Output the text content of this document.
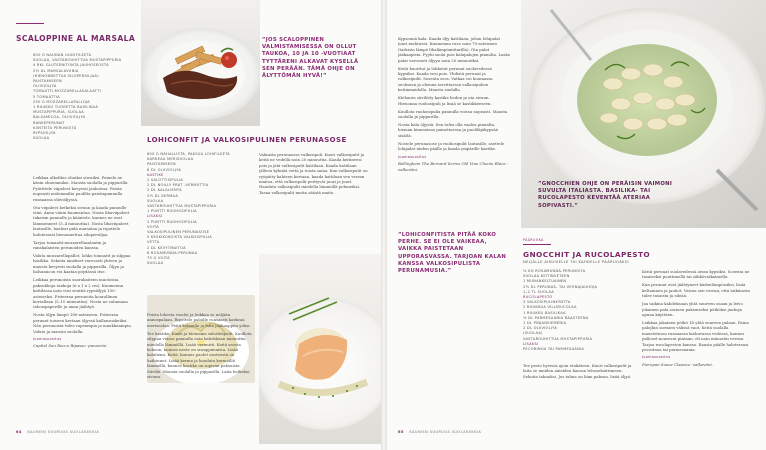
SCALOPPINE AL MARSALA
600 G NAUDAN ULKOFILEETÄ
SUOLAA, VASTAROUHITTUA MUSTAPIPPURIA
4 RKL GLUTEENITONTA JAUHOSEOSTA
2½ DL MARSALAVIINIÄ
(HIENONNETTUA SILOPERSILJAA)
PAISTAMISEEN
OLIIVIÖLJYÄ
TOMAATTI-MOZZARELLASALAATTI
5 TOMAATTIA
250 G MOZZARELLAPALLOJA
1 RUUKKU TUORETTA BASILIKAA
MUSTAPIPPURIA, SUOLAA
BALSAMICOA, OLIIVIÖLJYÄ
RANKEPERUNAT
KIINTEITÄ PERUNOITA
RYPSIÖLJYÄ
SUOLAA

Leikkaa ulkofilee ohuiksi siivuiksi. Painele ne käsin ohuemmiksi. Mausta suolalla ja pippurilla. Pyörittele viipaleet kevyesti jauhoissa. Paista nopeasti molemmilta puolilta paistinpannulla runsaassa oliiviöljyssä.

Ota viipaleet hetkeksi sivuun ja kaada pannulle viini. Anna viinin kuumentua. Nosta lihaviipaleet takaisin pannulle ja kääntele, kunnes ne ovat lämmenneet (3–4 minuuttia). Nosta lihaviipaleet lautasille, haaleat pidä marsalaa ja ripottele halutessasi hienonnettua silopersiljaa.

Tarjoa tomaatti-mozzarellasalaatin ja ranskalaisten perunoiden kanssa.

Valuta mozzarellapallot, lohko tomaatit ja silppaa basilika. Sekoita ainekset varovasti yhteen ja mausta kevyesti suolalla ja pippurilla. Öljyn ja balsamicon voi kaataa pöydässä itse.

Leikkaa perunoista suorakaiteen muotoisia, paksuhkoja tankoja (6 x 1 x 2 cm). Kuumenna kattilassa noin viisi senttiä rypsiöljyä 150-asteiseksi. Friteeraa perunoita kourallinen kerrallaan (5–10 minuuttia). Nosta ne valumaan talouspaperille ja anna jäähtyä.

Nosta öljyn lämpö 180-asteiseen. Friteeraa perunat toiseen kertaan öljyssä kullanruskeiksi. Nän perunoista tulee rapeampia ja maukkaampia. Valuta ja mausta suolalla.

Juomasuositus
Capitel San Rocco Ripasso -punaviini.
”JOS SCALOPPINEN VALMISTAMISESSA ON OLLUT TAUKOA, 10 JA 10 -VUOTIAAT TYTTÄRENI ALKAVAT KYSELLÄ SEN PERÄÄN. TÄMÄ OHJE ON ÄLYTTÖMÄN HYVÄ!”
LOHICONFIT JA VALKOSIPULINEN PERUNASOSE
600 G NAHALLISTA, PAKSUA LOHIFILEETÄ
KARKEAA MERISUOLAA
PAISTAMISEEN
8 DL OLIIVIÖLJYÄ
KASTIKE
2 SALOTTISIPULIA
2 DL NOILLY PRAT -VERMUTTIA
2 DL KALALIENTÄ
2½ DL KERMAA
SUOLAA
VASTAROUHITTUA MUSTAPIPPURIA
1 PUNTTI RUOHOSIPULIA
LISÄKSI
2 PUNTTI RUOHOSIPULIA
VOITA
VALKOSIPULINEN PERUNASOSE
5 KESKIKOKOISTA VALKOSIPULIA
VETTÄ
2 DL KEVYTMAITOA
8 ROSAMUNDA-PERUNAA
75 G VOITA
SUOLAA

Valmista perunasose valkosipuli. Kuori valkosipulit ja keitä ne vedellä noin 20 minuuttia. Kaada keitinvesi pois ja jätä valkosipulit kattilaan. Kaada kattilaan jälleen kylmää vettä ja toista sama. Kun valkosipulit on ryöpätty kahteen kertaan, kaada kattilaan sen verran maitoa, että valkosipulit peittyvät juuri ja juuri. Hauduta valkosipulit miedolla lämmöllä pehmeiksi. Tasaa valkosipulit mutta säästä maito.

Poista lohesta ruodot ja leikkaa se neljään annospalaan. Ripottele paloille runsaasti karkeaa merisuolaa. Peitä kelmulla ja laita jääkaappiin yöksi.

Tee kastike. Kuori ja hienonna salottisipulit. Kuullota silppua voissa pannulla noin kahdeksan minuuttia miedolla lämmöllä. Lisää vermutti. Keitä seosta kokoon, kunnes neste on siirappimaista. Lisää kalaliemi. Keitä, kunnes puolet nesteestä on haihtunut. Lisää kerma ja hauduta kermoillä lämmöllä, kunnes kastike on sopivan paksuista. Siivilöi. Mausta suolalla ja pippurilla. Laita hetkeksi sivuun.

64 KAUNIEN SUURUUS SUOLAKEKKIA

Kypsennä kala. Kaada öljy kattilaan, johon lohipalat juuri mahtuvat. Kuumenna ruvo noin 75-asteiseen (tarkista lämpö lihalämpömittarilla). Ota palat jääkaapista. Pyyhi suola pois kalapalojen pinnalta. Laske palat varovasti öljyyn noin 20 minuutiksi.

Keitä kuoritut ja lohkotut perunat suolavedessä kypsiksi. Kaada vesi pois. Yhdistä perunat ja valkosipulit. Soseuta seos. Vatkaa voi kuumassa seokseen ja ohenna tarvittaessa valkosipulien keitinmaidolla. Mausta suolalla.

Kiehauta siivilöity kastike lieden ja ota sivuun. Hienonna ruohosipuli ja lisää se kastikkeeseen.

Kuullota ruohosipulia pannulla voissa nopeasti. Mausta suolalla ja pippurilla.

Nosta kala öljystä. Sen tulisi olla vaalea pinnalta, hieman kimmoisaa painettaessa ja puoliläpikypsää sisältä.

Nostele perunasose ja ruohosipulit lautasille, asettele lohipalat niiden päälle ja kaada ympärille kastike.

Juomasuositus
Bellingham The Bernard Series Old Vine Chenin Blanc -valkoviini.
”GNOCCHIEN OHJE ON PERÄISIN VAIMONI SUVULTA ITALIASTA. BASILIKA- TAI RUCOLAPESTO KEVENTÄÄ ATERIAA SOPIVASTI.”
”LOHICONFITISTA PITÄÄ KOKO PERHE. SE EI OLE VAIKEAA, VAIKKA PAISTETAAN UPPORASVASSA. TARJOAN KALAN KANSSA VALKOSIPULISTA PERUNAMUSIA.”
PÄÄRUOKA
GNOCCHIT JA RUCOLAPESTO
NELJÄLLE AIKUISELLE TAI KAHDELLE PÄÄRUOAKSI
½ KG ROSAMUNDA-PERUNOITA
SUOLAA KEITINVETEEN
1 MUNANKELTUAINEN
2½ DL PERUNAS- TAI VEHNÄJAUHOJA
1–2 TL SUOLAA
RUCOLAPESTO
3 VALKOSIPULINKYNTTÄ
2 RUUKKUA VILLIRUCOLAA
1 RUUKKU BASILIKAA
½ DL PARMESAANIA RAASTEENA
1 DL PINJANSIEMENIÄ
2 DL OLIIVIÖLJYÄ
(SUOLAA)
VASTAROUHITTUA MUSTAPIPPURIA
LISÄKSI
PECORINOA TAI PARMESAANIA

Tee pesto hyvissä ajoin etukäteen. Kuori valkosipulit ja laita se muiden aineiden kanssa tehosekoittimeen. Sekoita tahnaksi. Jos tahna on liian paksua, lisää öljyä.

Keitä perunat suolavedessä aivan kypsiksi. Soseuta ne tasaiseksi puuttimellä tai sähkövatkaimella.

Kun perunat ovat jäähtyneet kädenlämpöisiksi, lisää keltuainen ja jauhot. Vaivaa sen verran, että taikinasta tulee tasaista ja sileää.

Jaa taikina kahdeksaan yhtä suureen osaan ja leivo jokainen pala sormen paksuiseksi pötköksi jauhoja apuna käyttäen.

Leikkaa jokainen pötkö 16 yhtä suureen palaan. Paina palojhin sormien välissä vaot. Keitä suolalla maustetussa runsaassa kiehuvassa vedessä, kunnes palloset nousevat pintaan, eli noin minuutin verran. Tarjoa rucolapeston kanssa. Raasta päälle halutessasi pecorinoa tai parmesaania.

Juomasuositus
Pieropan Soave Classico -valkoviini.
65 KAUNIEN SUURUUS SUOLAKEKKIA
